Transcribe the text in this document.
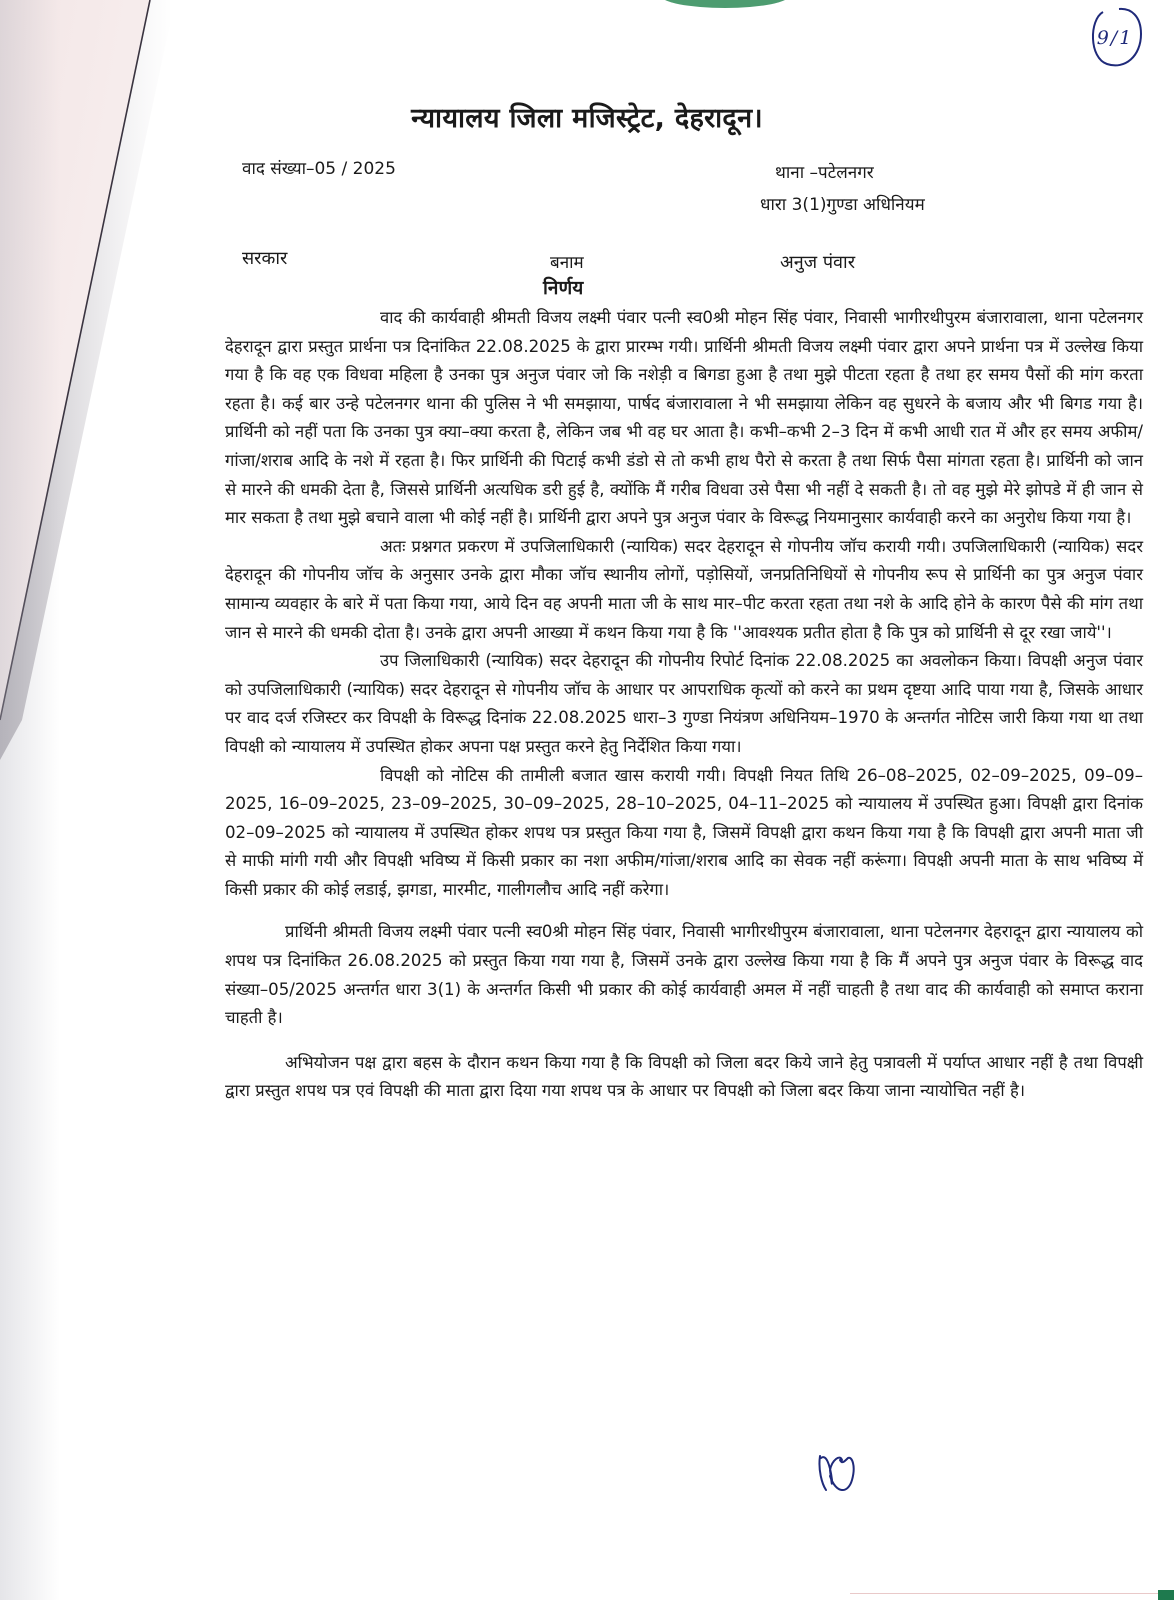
9/1
न्यायालय जिला मजिस्ट्रेट, देहरादून।
वाद संख्या–05 / 2025	थाना –पटेलनगर
धारा 3(1)गुण्डा अधिनियम
सरकार	बनाम	अनुज पंवार
निर्णय

वाद की कार्यवाही श्रीमती विजय लक्ष्मी पंवार पत्नी स्व0श्री मोहन सिंह पंवार, निवासी भागीरथीपुरम बंजारावाला, थाना पटेलनगर देहरादून द्वारा प्रस्तुत प्रार्थना पत्र दिनांकित 22.08.2025 के द्वारा प्रारम्भ गयी। प्रार्थिनी श्रीमती विजय लक्ष्मी पंवार द्वारा अपने प्रार्थना पत्र में उल्लेख किया गया है कि वह एक विधवा महिला है उनका पुत्र अनुज पंवार जो कि नशेड़ी व बिगडा हुआ है तथा मुझे पीटता रहता है तथा हर समय पैसों की मांग करता रहता है। कई बार उन्हे पटेलनगर थाना की पुलिस ने भी समझाया, पार्षद बंजारावाला ने भी समझाया लेकिन वह सुधरने के बजाय और भी बिगड गया है। प्रार्थिनी को नहीं पता कि उनका पुत्र क्या–क्या करता है, लेकिन जब भी वह घर आता है। कभी–कभी 2–3 दिन में कभी आधी रात में और हर समय अफीम/गांजा/शराब आदि के नशे में रहता है। फिर प्रार्थिनी की पिटाई कभी डंडो से तो कभी हाथ पैरो से करता है तथा सिर्फ पैसा मांगता रहता है। प्रार्थिनी को जान से मारने की धमकी देता है, जिससे प्रार्थिनी अत्यधिक डरी हुई है, क्योंकि मैं गरीब विधवा उसे पैसा भी नहीं दे सकती है। तो वह मुझे मेरे झोपडे में ही जान से मार सकता है तथा मुझे बचाने वाला भी कोई नहीं है। प्रार्थिनी द्वारा अपने पुत्र अनुज पंवार के विरूद्ध नियमानुसार कार्यवाही करने का अनुरोध किया गया है।

अतः प्रश्नगत प्रकरण में उपजिलाधिकारी (न्यायिक) सदर देहरादून से गोपनीय जॉच करायी गयी। उपजिलाधिकारी (न्यायिक) सदर देहरादून की गोपनीय जॉच के अनुसार उनके द्वारा मौका जॉच स्थानीय लोगों, पड़ोसियों, जनप्रतिनिधियों से गोपनीय रूप से प्रार्थिनी का पुत्र अनुज पंवार सामान्य व्यवहार के बारे में पता किया गया, आये दिन वह अपनी माता जी के साथ मार–पीट करता रहता तथा नशे के आदि होने के कारण पैसे की मांग तथा जान से मारने की धमकी दोता है। उनके द्वारा अपनी आख्या में कथन किया गया है कि ''आवश्यक प्रतीत होता है कि पुत्र को प्रार्थिनी से दूर रखा जाये''।

उप जिलाधिकारी (न्यायिक) सदर देहरादून की गोपनीय रिपोर्ट दिनांक 22.08.2025 का अवलोकन किया। विपक्षी अनुज पंवार को उपजिलाधिकारी (न्यायिक) सदर देहरादून से गोपनीय जॉच के आधार पर आपराधिक कृत्यों को करने का प्रथम दृष्टया आदि पाया गया है, जिसके आधार पर वाद दर्ज रजिस्टर कर विपक्षी के विरूद्ध दिनांक 22.08.2025 धारा–3 गुण्डा नियंत्रण अधिनियम–1970 के अन्तर्गत नोटिस जारी किया गया था तथा विपक्षी को न्यायालय में उपस्थित होकर अपना पक्ष प्रस्तुत करने हेतु निर्देशित किया गया।

विपक्षी को नोटिस की तामीली बजात खास करायी गयी। विपक्षी नियत तिथि 26–08–2025, 02–09–2025, 09–09–2025, 16–09–2025, 23–09–2025, 30–09–2025, 28–10–2025, 04–11–2025 को न्यायालय में उपस्थित हुआ। विपक्षी द्वारा दिनांक 02–09–2025 को न्यायालय में उपस्थित होकर शपथ पत्र प्रस्तुत किया गया है, जिसमें विपक्षी द्वारा कथन किया गया है कि विपक्षी द्वारा अपनी माता जी से माफी मांगी गयी और विपक्षी भविष्य में किसी प्रकार का नशा अफीम/गांजा/शराब आदि का सेवक नहीं करूंगा। विपक्षी अपनी माता के साथ भविष्य में किसी प्रकार की कोई लडाई, झगडा, मारमीट, गालीगलौच आदि नहीं करेगा।

प्रार्थिनी श्रीमती विजय लक्ष्मी पंवार पत्नी स्व0श्री मोहन सिंह पंवार, निवासी भागीरथीपुरम बंजारावाला, थाना पटेलनगर देहरादून द्वारा न्यायालय को शपथ पत्र दिनांकित 26.08.2025 को प्रस्तुत किया गया गया है, जिसमें उनके द्वारा उल्लेख किया गया है कि मैं अपने पुत्र अनुज पंवार के विरूद्ध वाद संख्या–05/2025 अन्तर्गत धारा 3(1) के अन्तर्गत किसी भी प्रकार की कोई कार्यवाही अमल में नहीं चाहती है तथा वाद की कार्यवाही को समाप्त कराना चाहती है।

अभियोजन पक्ष द्वारा बहस के दौरान कथन किया गया है कि विपक्षी को जिला बदर किये जाने हेतु पत्रावली में पर्याप्त आधार नहीं है तथा विपक्षी द्वारा प्रस्तुत शपथ पत्र एवं विपक्षी की माता द्वारा दिया गया शपथ पत्र के आधार पर विपक्षी को जिला बदर किया जाना न्यायोचित नहीं है।
